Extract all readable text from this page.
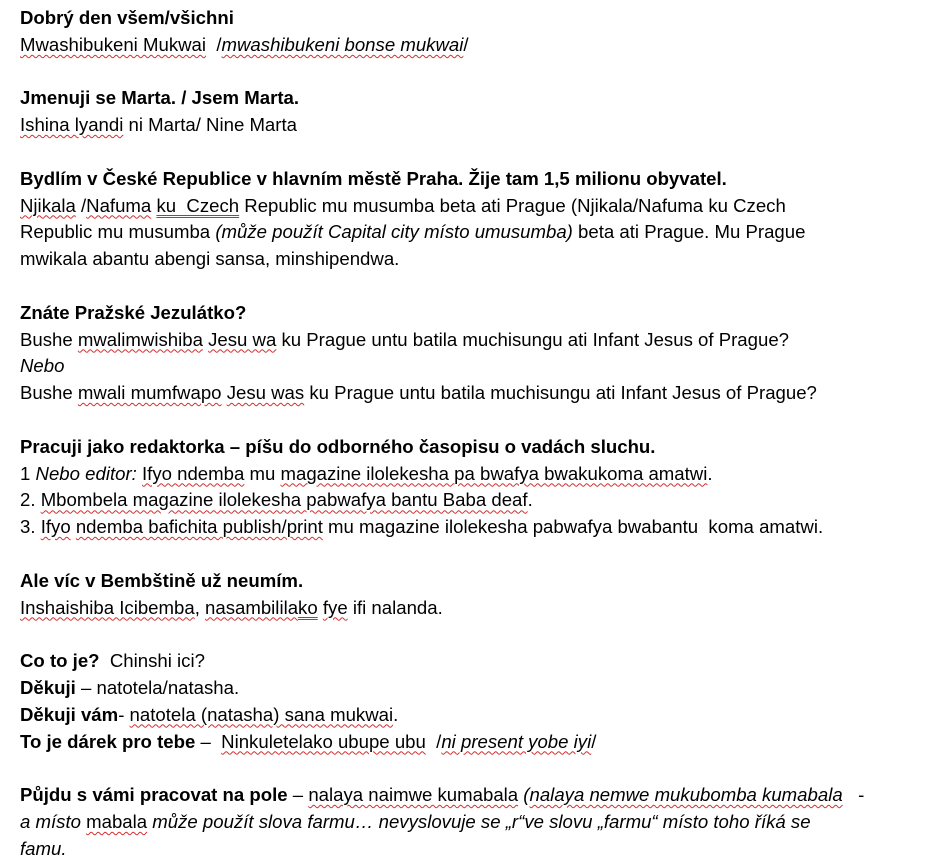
Dobrý den všem/všichni
Mwashibukeni Mukwai  /mwashibukeni bonse mukwai/
Jmenuji se Marta. / Jsem Marta.
Ishina lyandi ni Marta/ Nine Marta
Bydlím v České Republice v hlavním městě Praha. Žije tam 1,5 milionu obyvatel.
Njikala /Nafuma ku  Czech Republic mu musumba beta ati Prague (Njikala/Nafuma ku Czech
Republic mu musumba (může použít Capital city místo umusumba) beta ati Prague. Mu Prague
mwikala abantu abengi sansa, minshipendwa.
Znáte Pražské Jezulátko?
Bushe mwalimwishiba Jesu wa ku Prague untu batila muchisungu ati Infant Jesus of Prague?
Nebo
Bushe mwali mumfwapo Jesu was ku Prague untu batila muchisungu ati Infant Jesus of Prague?
Pracuji jako redaktorka – píšu do odborného časopisu o vadách sluchu.
1 Nebo editor: Ifyo ndemba mu magazine ilolekesha pa bwafya bwakukoma amatwi.
2. Mbombela magazine ilolekesha pabwafya bantu Baba deaf.
3. Ifyo ndemba bafichita publish/print mu magazine ilolekesha pabwafya bwabantu  koma amatwi.
Ale víc v Bembštině už neumím.
Inshaishiba Icibemba, nasambililako fye ifi nalanda.
Co to je?  Chinshi ici?
Děkuji – natotela/natasha.
Děkuji vám- natotela (natasha) sana mukwai.
To je dárek pro tebe –  Ninkuletelako ubupe ubu  /ni present yobe iyi/
Půjdu s vámi pracovat na pole – nalaya naimwe kumabala (nalaya nemwe mukubomba kumabala   -
a místo mabala může použít slova farmu… nevyslovuje se „r“ve slovu „farmu“ místo toho říká se
famu.
